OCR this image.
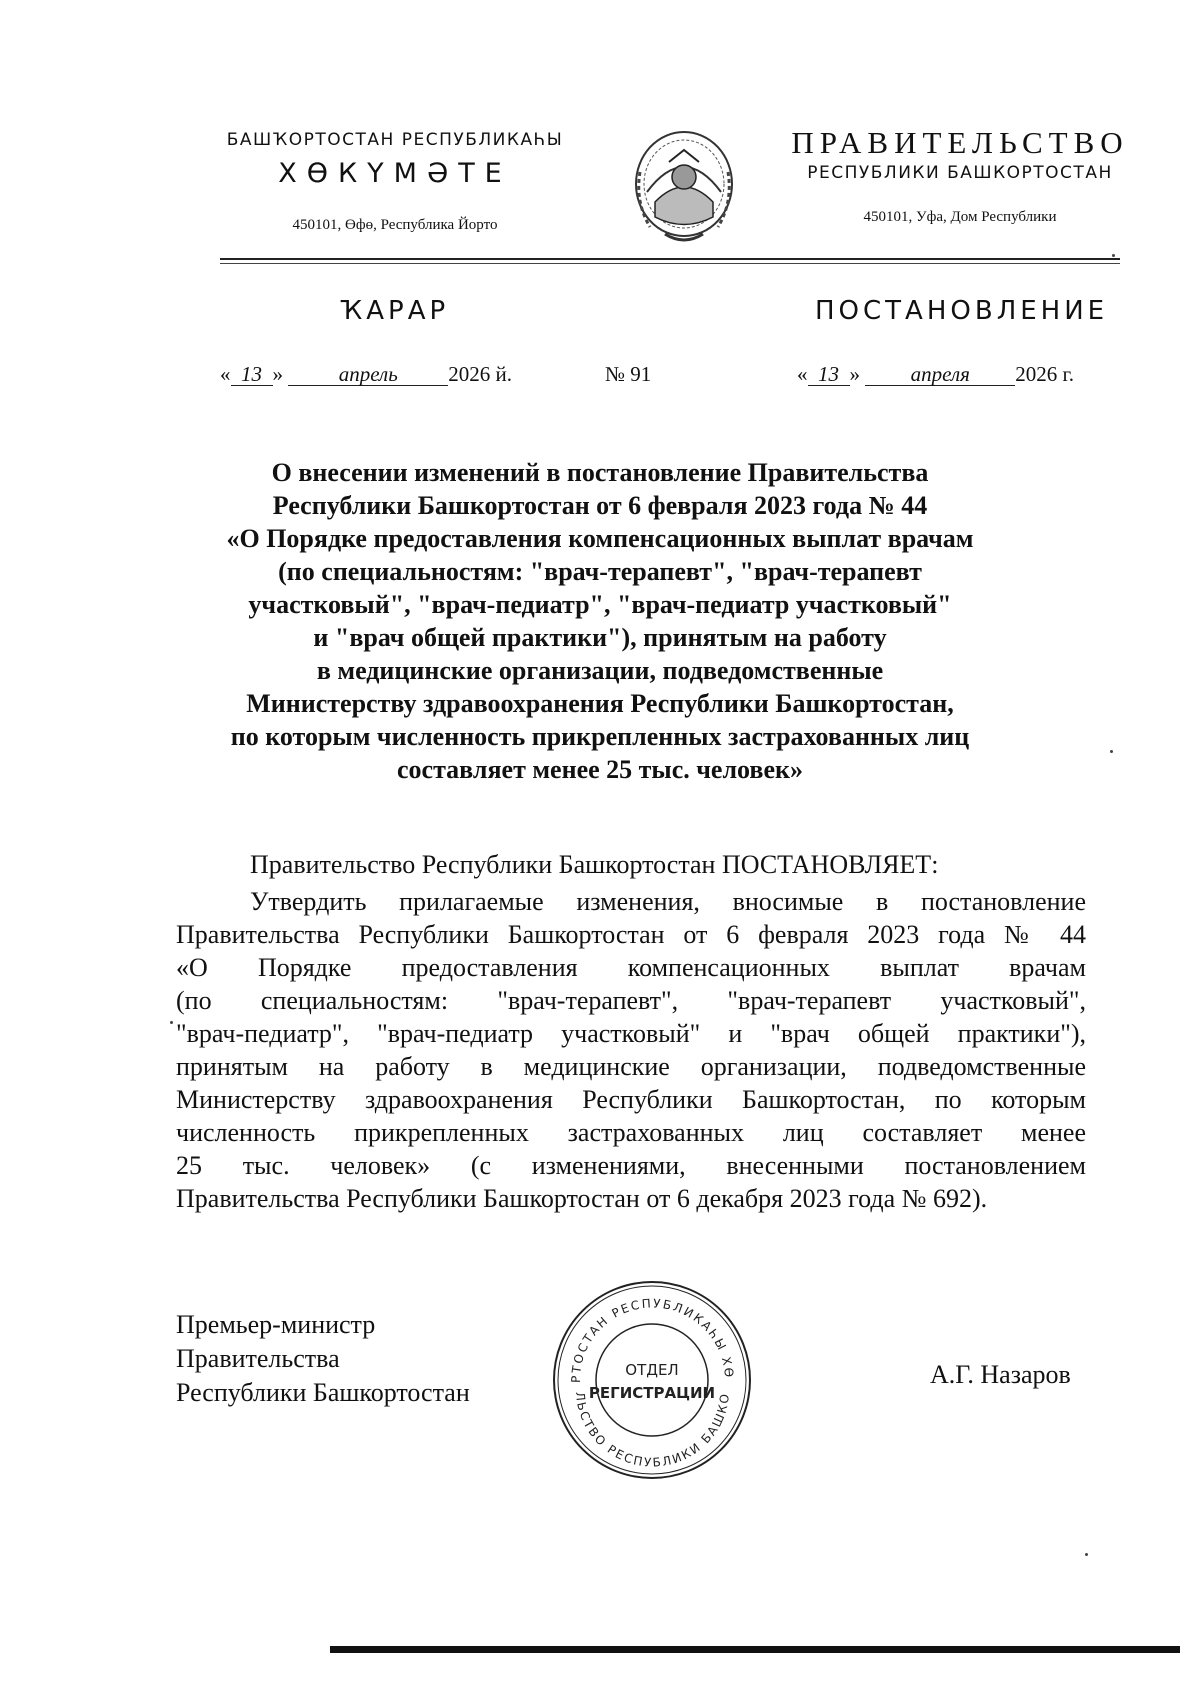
БАШҠОРТОСТАН РЕСПУБЛИКАҺЫ
ХӨКҮМӘТЕ
450101, Өфө, Республика Йорто
ПРАВИТЕЛЬСТВО
РЕСПУБЛИКИ БАШКОРТОСТАН
450101, Уфа, Дом Республики
ҠАРАР	ПОСТАНОВЛЕНИЕ
« 13 »	апрель 2026 й.	№ 91	« 13 » апреля 2026 г.
О внесении изменений в постановление Правительства
Республики Башкортостан от 6 февраля 2023 года № 44
«О Порядке предоставления компенсационных выплат врачам
(по специальностям: "врач-терапевт", "врач-терапевт
участковый", "врач-педиатр", "врач-педиатр участковый"
и "врач общей практики"), принятым на работу
в медицинские организации, подведомственные
Министерству здравоохранения Республики Башкортостан,
по которым численность прикрепленных застрахованных лиц
составляет менее 25 тыс. человек»
Правительство Республики Башкортостан ПОСТАНОВЛЯЕТ:
Утвердить прилагаемые изменения, вносимые в постановление
Правительства Республики Башкортостан от 6 февраля 2023 года № 44
«О Порядке предоставления компенсационных выплат врачам
(по специальностям: "врач-терапевт", "врач-терапевт участковый",
"врач-педиатр", "врач-педиатр участковый" и "врач общей практики"),
принятым на работу в медицинские организации, подведомственные
Министерству здравоохранения Республики Башкортостан, по которым
численность прикрепленных застрахованных лиц составляет менее
25 тыс. человек» (с изменениями, внесенными постановлением
Правительства Республики Башкортостан от 6 декабря 2023 года № 692).
Премьер-министр
Правительства
Республики Башкортостан	РТОСТАН РЕСПУБЛИКАҺЫ ХӨ
ЛЬСТВО РЕСПУБЛИКИ БАШКО
ОТДЕЛ
РЕГИСТРАЦИИ
А.Г. Назаров
